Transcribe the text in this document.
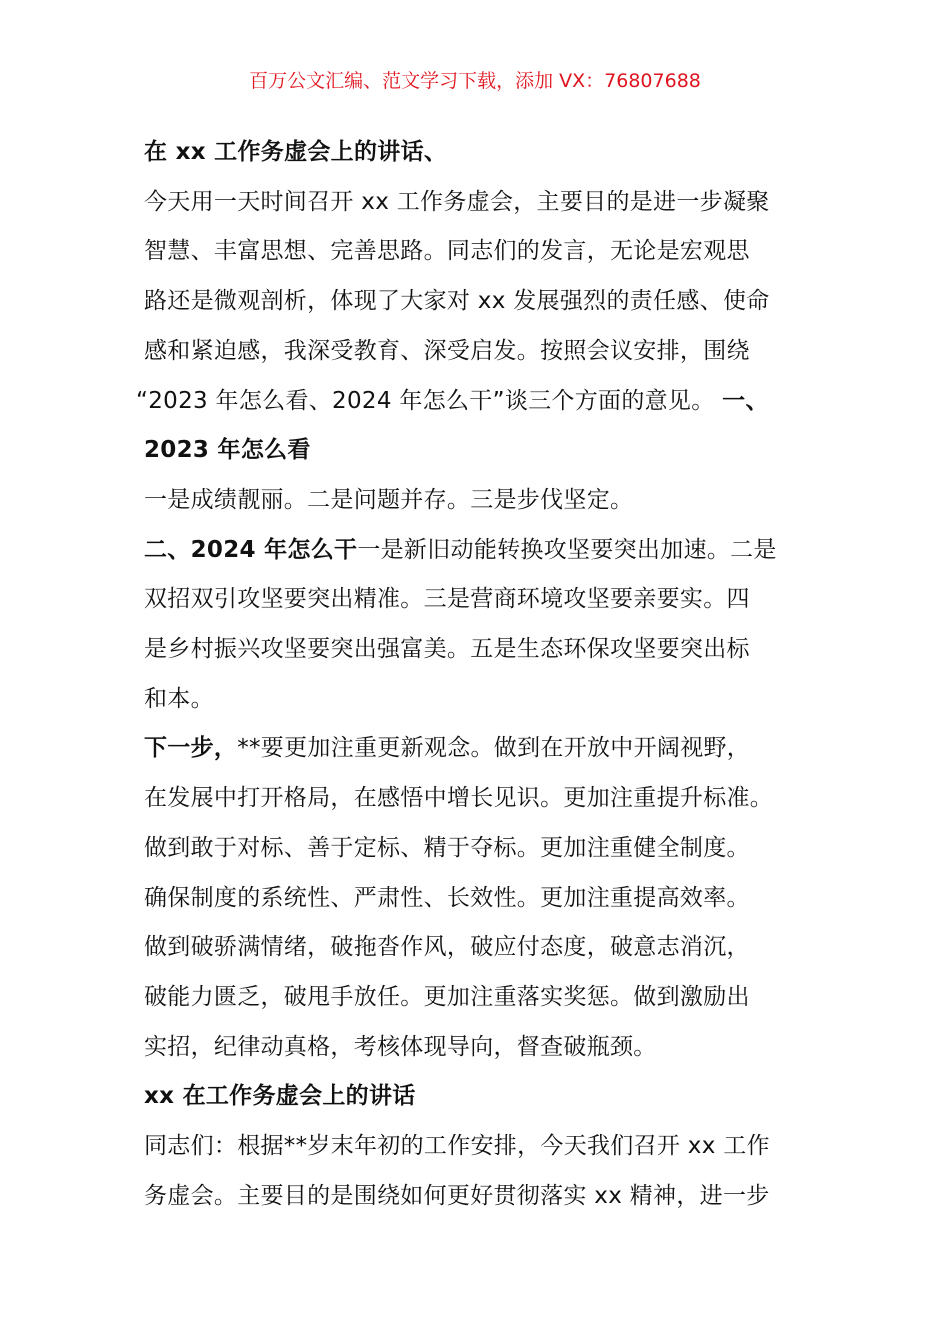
百万公文汇编、范文学习下载，添加 VX：76807688
在 xx 工作务虚会上的讲话、
今天用一天时间召开 xx 工作务虚会，主要目的是进一步凝聚
智慧、丰富思想、完善思路。同志们的发言，无论是宏观思
路还是微观剖析，体现了大家对 xx 发展强烈的责任感、使命
感和紧迫感，我深受教育、深受启发。按照会议安排，围绕
“2023 年怎么看、2024 年怎么干”谈三个方面的意见。 一、
2023 年怎么看
一是成绩靓丽。二是问题并存。三是步伐坚定。
二、2024 年怎么干一是新旧动能转换攻坚要突出加速。二是
双招双引攻坚要突出精准。三是营商环境攻坚要亲要实。四
是乡村振兴攻坚要突出强富美。五是生态环保攻坚要突出标
和本。
下一步，**要更加注重更新观念。做到在开放中开阔视野，
在发展中打开格局，在感悟中增长见识。更加注重提升标准。
做到敢于对标、善于定标、精于夺标。更加注重健全制度。
确保制度的系统性、严肃性、长效性。更加注重提高效率。
做到破骄满情绪，破拖沓作风，破应付态度，破意志消沉，
破能力匮乏，破甩手放任。更加注重落实奖惩。做到激励出
实招，纪律动真格，考核体现导向，督查破瓶颈。
xx 在工作务虚会上的讲话
同志们：根据**岁末年初的工作安排，今天我们召开 xx 工作
务虚会。主要目的是围绕如何更好贯彻落实 xx 精神，进一步
